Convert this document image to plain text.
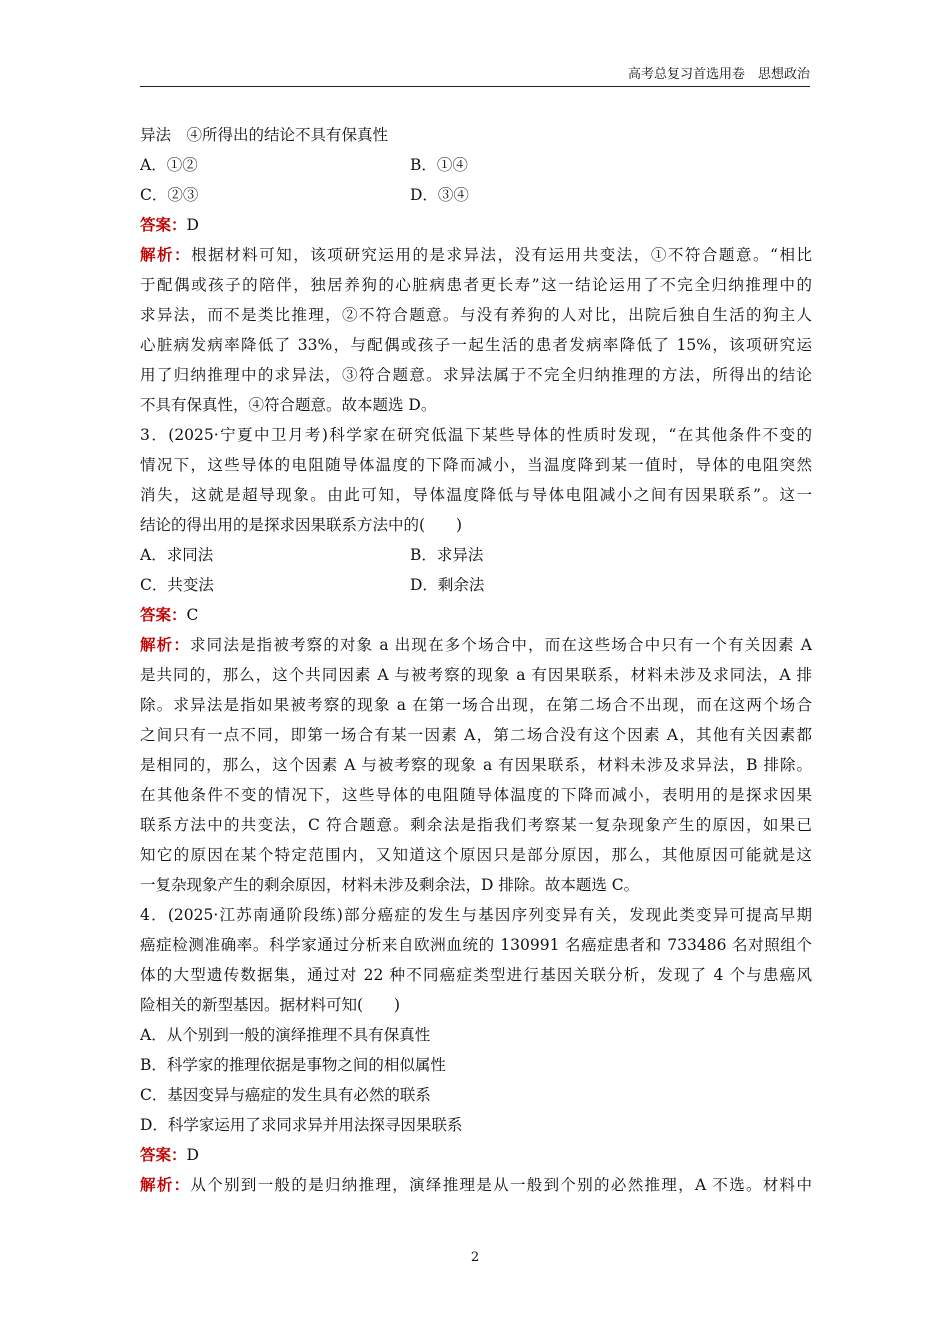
高考总复习首选用卷　思想政治
异法　④所得出的结论不具有保真性
A．①②	B．①④
C．②③	D．③④
答案：D
解析：根据材料可知，该项研究运用的是求异法，没有运用共变法，①不符合题意。“相比
于配偶或孩子的陪伴，独居养狗的心脏病患者更长寿”这一结论运用了不完全归纳推理中的
求异法，而不是类比推理，②不符合题意。与没有养狗的人对比，出院后独自生活的狗主人
心脏病发病率降低了 33%，与配偶或孩子一起生活的患者发病率降低了 15%，该项研究运
用了归纳推理中的求异法，③符合题意。求异法属于不完全归纳推理的方法，所得出的结论
不具有保真性，④符合题意。故本题选 D。
3．(2025·宁夏中卫月考)科学家在研究低温下某些导体的性质时发现，“在其他条件不变的
情况下，这些导体的电阻随导体温度的下降而减小，当温度降到某一值时，导体的电阻突然
消失，这就是超导现象。由此可知，导体温度降低与导体电阻减小之间有因果联系”。这一
结论的得出用的是探求因果联系方法中的(　　)
A．求同法	B．求异法
C．共变法	D．剩余法
答案：C
解析：求同法是指被考察的对象 a 出现在多个场合中，而在这些场合中只有一个有关因素 A
是共同的，那么，这个共同因素 A 与被考察的现象 a 有因果联系，材料未涉及求同法，A 排
除。求异法是指如果被考察的现象 a 在第一场合出现，在第二场合不出现，而在这两个场合
之间只有一点不同，即第一场合有某一因素 A，第二场合没有这个因素 A，其他有关因素都
是相同的，那么，这个因素 A 与被考察的现象 a 有因果联系，材料未涉及求异法，B 排除。
在其他条件不变的情况下，这些导体的电阻随导体温度的下降而减小，表明用的是探求因果
联系方法中的共变法，C 符合题意。剩余法是指我们考察某一复杂现象产生的原因，如果已
知它的原因在某个特定范围内，又知道这个原因只是部分原因，那么，其他原因可能就是这
一复杂现象产生的剩余原因，材料未涉及剩余法，D 排除。故本题选 C。
4．(2025·江苏南通阶段练)部分癌症的发生与基因序列变异有关，发现此类变异可提高早期
癌症检测准确率。科学家通过分析来自欧洲血统的 130991 名癌症患者和 733486 名对照组个
体的大型遗传数据集，通过对 22 种不同癌症类型进行基因关联分析，发现了 4 个与患癌风
险相关的新型基因。据材料可知(　　)
A．从个别到一般的演绎推理不具有保真性
B．科学家的推理依据是事物之间的相似属性
C．基因变异与癌症的发生具有必然的联系
D．科学家运用了求同求异并用法探寻因果联系
答案：D
解析：从个别到一般的是归纳推理，演绎推理是从一般到个别的必然推理，A 不选。材料中
2
